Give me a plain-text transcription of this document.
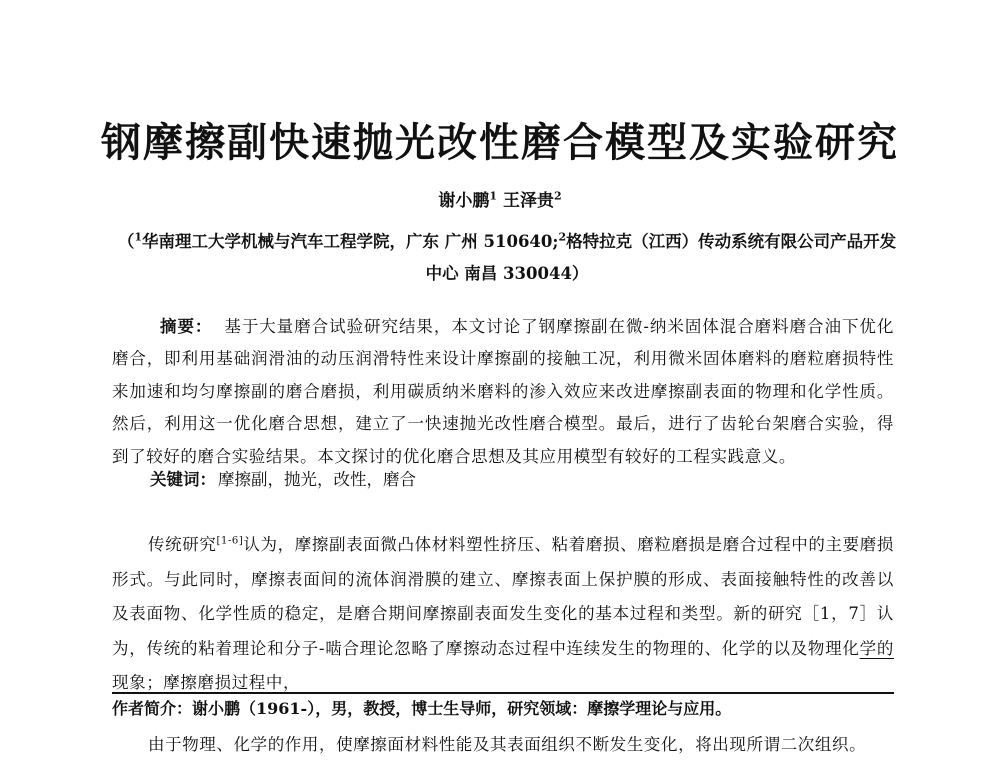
钢摩擦副快速抛光改性磨合模型及实验研究
谢小鹏$^1$ 王泽贵$^2$
（$^1$华南理工大学机械与汽车工程学院，广东 广州 510640;$^2$格特拉克（江西）传动系统有限公司产品开发中心 南昌 330044）
摘要： 基于大量磨合试验研究结果，本文讨论了钢摩擦副在微-纳米固体混合磨料磨合油下优化磨合，即利用基础润滑油的动压润滑特性来设计摩擦副的接触工况，利用微米固体磨料的磨粒磨损特性来加速和均匀摩擦副的磨合磨损，利用碳质纳米磨料的渗入效应来改进摩擦副表面的物理和化学性质。然后，利用这一优化磨合思想，建立了一快速抛光改性磨合模型。最后，进行了齿轮台架磨合实验，得到了较好的磨合实验结果。本文探讨的优化磨合思想及其应用模型有较好的工程实践意义。
关键词： 摩擦副，抛光，改性，磨合
传统研究[1-6]认为，摩擦副表面微凸体材料塑性挤压、粘着磨损、磨粒磨损是磨合过程中的主要磨损形式。与此同时，摩擦表面间的流体润滑膜的建立、摩擦表面上保护膜的形成、表面接触特性的改善以及表面物、化学性质的稳定，是磨合期间摩擦副表面发生变化的基本过程和类型。新的研究［1，7］认为，传统的粘着理论和分子-啮合理论忽略了摩擦动态过程中连续发生的物理的、化学的以及物理化学的现象；摩擦磨损过程中，
作者简介：谢小鹏（1961-），男，教授，博士生导师，研究领域：摩擦学理论与应用。
由于物理、化学的作用，使摩擦面材料性能及其表面组织不断发生变化，将出现所谓二次组织。
